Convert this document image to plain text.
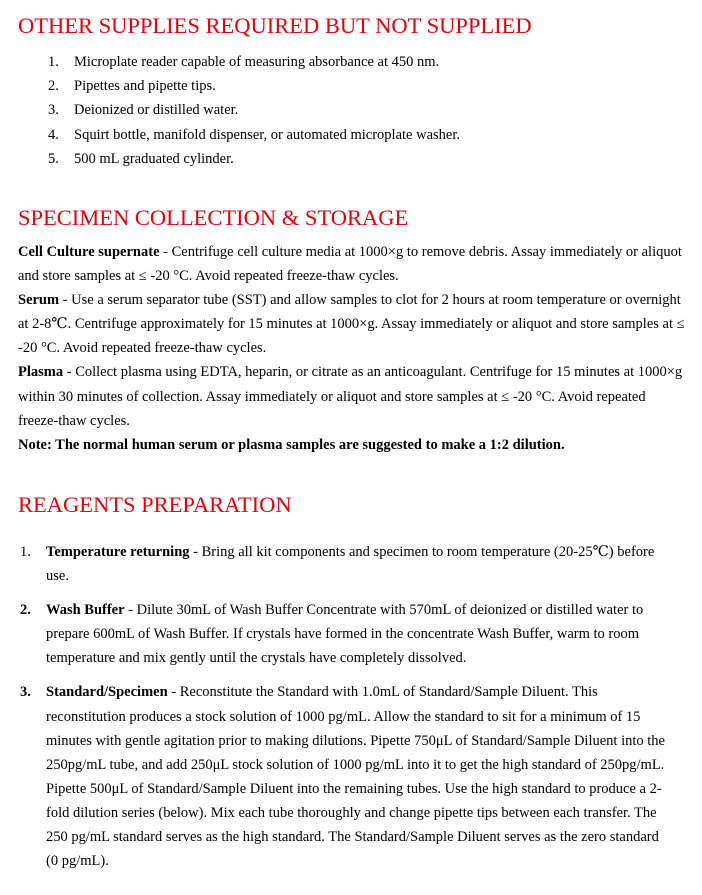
OTHER SUPPLIES REQUIRED BUT NOT SUPPLIED
1. Microplate reader capable of measuring absorbance at 450 nm.
2. Pipettes and pipette tips.
3. Deionized or distilled water.
4. Squirt bottle, manifold dispenser, or automated microplate washer.
5. 500 mL graduated cylinder.
SPECIMEN COLLECTION & STORAGE

Cell Culture supernate - Centrifuge cell culture media at 1000×g to remove debris. Assay immediately or aliquot and store samples at ≤ -20 °C. Avoid repeated freeze-thaw cycles.

Serum - Use a serum separator tube (SST) and allow samples to clot for 2 hours at room temperature or overnight at 2-8℃. Centrifuge approximately for 15 minutes at 1000×g. Assay immediately or aliquot and store samples at ≤ -20 °C. Avoid repeated freeze-thaw cycles.

Plasma - Collect plasma using EDTA, heparin, or citrate as an anticoagulant. Centrifuge for 15 minutes at 1000×g within 30 minutes of collection. Assay immediately or aliquot and store samples at ≤ -20 °C. Avoid repeated freeze-thaw cycles.

Note: The normal human serum or plasma samples are suggested to make a 1:2 dilution.

REAGENTS PREPARATION
1. Temperature returning - Bring all kit components and specimen to room temperature (20-25℃) before use.
2. Wash Buffer - Dilute 30mL of Wash Buffer Concentrate with 570mL of deionized or distilled water to prepare 600mL of Wash Buffer. If crystals have formed in the concentrate Wash Buffer, warm to room temperature and mix gently until the crystals have completely dissolved.
3. Standard/Specimen - Reconstitute the Standard with 1.0mL of Standard/Sample Diluent. This reconstitution produces a stock solution of 1000 pg/mL. Allow the standard to sit for a minimum of 15 minutes with gentle agitation prior to making dilutions. Pipette 750μL of Standard/Sample Diluent into the 250pg/mL tube, and add 250μL stock solution of 1000 pg/mL into it to get the high standard of 250pg/mL. Pipette 500μL of Standard/Sample Diluent into the remaining tubes. Use the high standard to produce a 2-fold dilution series (below). Mix each tube thoroughly and change pipette tips between each transfer. The 250 pg/mL standard serves as the high standard. The Standard/Sample Diluent serves as the zero standard (0 pg/mL).
